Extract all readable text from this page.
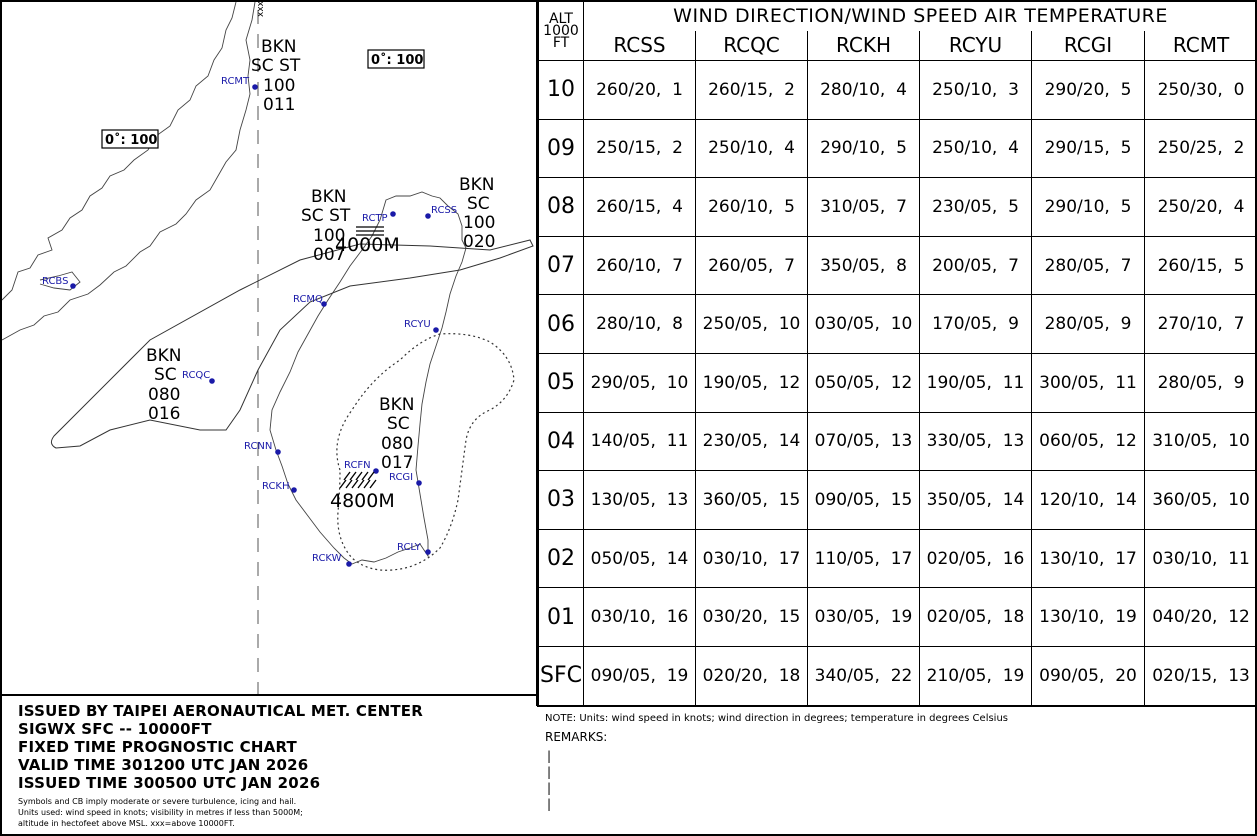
xxx
RCMT
RCTP
RCSS
RCBS
RCMQ
RCYU
RCQC
RCNN
RCFN
RCGI
RCKH
RCKW
RCLY
BKN
SC ST
100
011
BKN
SC ST
100
007
BKN
SC
100
020
BKN
SC
080
016	BKN
SC
080
017
0˚: 100
0˚: 100
4000M
4800M
ISSUED BY TAIPEI AERONAUTICAL MET. CENTER
SIGWX SFC -- 10000FT
FIXED TIME PROGNOSTIC CHART
VALID TIME 301200 UTC JAN 2026
ISSUED TIME 300500 UTC JAN 2026
Symbols and CB imply moderate or severe turbulence, icing and hail.
Units used: wind speed in knots; visibility in metres if less than 5000M;
altitude in hectofeet above MSL. xxx=above 10000FT.
ALT
1000
FT	WIND DIRECTION/WIND SPEED AIR TEMPERATURE					
	RCSS	RCQC	RCKH	RCYU	RCGI	RCMT
10	260/20,  1	260/15,  2	280/10,  4	250/10,  3	290/20,  5	250/30,  0
09	250/15,  2	250/10,  4	290/10,  5	250/10,  4	290/15,  5	250/25,  2
08	260/15,  4	260/10,  5	310/05,  7	230/05,  5	290/10,  5	250/20,  4
07	260/10,  7	260/05,  7	350/05,  8	200/05,  7	280/05,  7	260/15,  5
06	280/10,  8	250/05,  10	030/05,  10	170/05,  9	280/05,  9	270/10,  7
05	290/05,  10	190/05,  12	050/05,  12	190/05,  11	300/05,  11	280/05,  9
04	140/05,  11	230/05,  14	070/05,  13	330/05,  13	060/05,  12	310/05,  10
03	130/05,  13	360/05,  15	090/05,  15	350/05,  14	120/10,  14	360/05,  10
02	050/05,  14	030/10,  17	110/05,  17	020/05,  16	130/10,  17	030/10,  11
01	030/10,  16	030/20,  15	030/05,  19	020/05,  18	130/10,  19	040/20,  12
SFC	090/05,  19	020/20,  18	340/05,  22	210/05,  19	090/05,  20	020/15,  13
NOTE: Units: wind speed in knots; wind direction in degrees; temperature in degrees Celsius
REMARKS:
|
|
|
|
